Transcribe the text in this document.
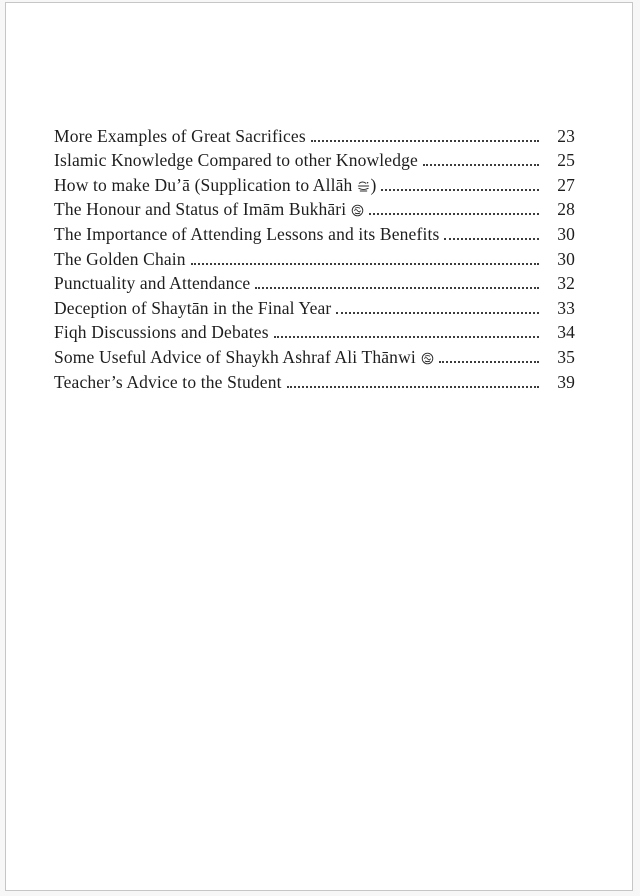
More Examples of Great Sacrifices	23
Islamic Knowledge Compared to other Knowledge	25
How to make Du’ā (Supplication to Allāh )	27
The Honour and Status of Imām Bukhāri	28
The Importance of Attending Lessons and its Benefits	30
The Golden Chain	30
Punctuality and Attendance	32
Deception of Shaytān in the Final Year	33
Fiqh Discussions and Debates	34
Some Useful Advice of Shaykh Ashraf Ali Thānwi	35
Teacher’s Advice to the Student	39
